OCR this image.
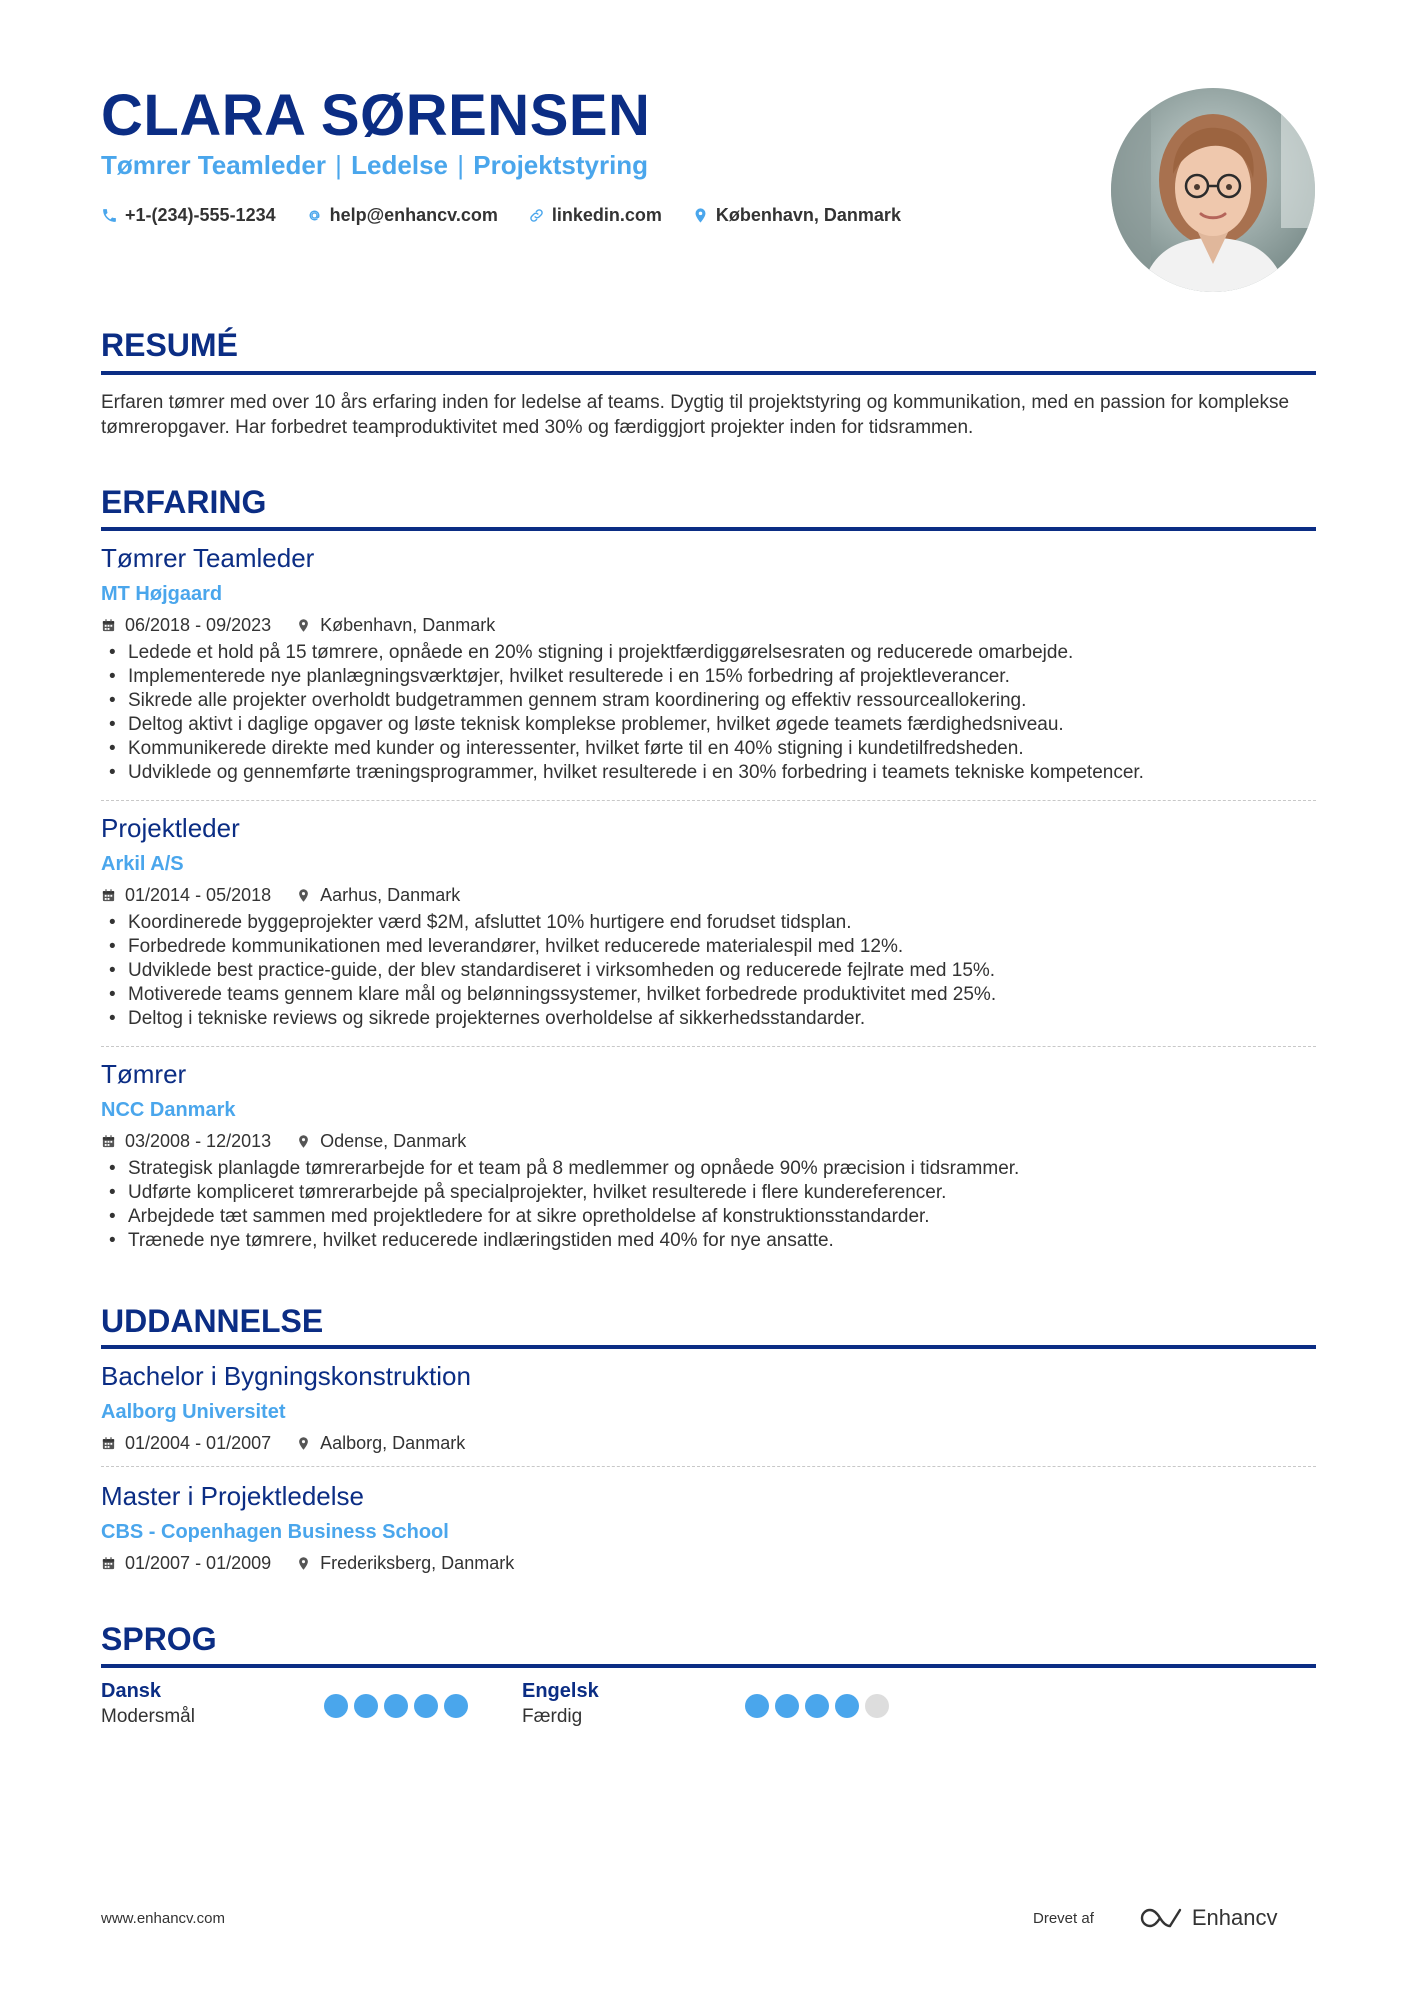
CLARA SØRENSEN
Tømrer Teamleder | Ledelse | Projektstyring
+1-(234)-555-1234	help@enhancv.com	linkedin.com	København, Danmark
RESUMÉ
Erfaren tømrer med over 10 års erfaring inden for ledelse af teams. Dygtig til projektstyring og kommunikation, med en passion for komplekse tømreropgaver. Har forbedret teamproduktivitet med 30% og færdiggjort projekter inden for tidsrammen.
ERFARING
Tømrer Teamleder
MT Højgaard
06/2018 - 09/2023	København, Danmark
• Ledede et hold på 15 tømrere, opnåede en 20% stigning i projektfærdiggørelsesraten og reducerede omarbejde.
• Implementerede nye planlægningsværktøjer, hvilket resulterede i en 15% forbedring af projektleverancer.
• Sikrede alle projekter overholdt budgetrammen gennem stram koordinering og effektiv ressourceallokering.
• Deltog aktivt i daglige opgaver og løste teknisk komplekse problemer, hvilket øgede teamets færdighedsniveau.
• Kommunikerede direkte med kunder og interessenter, hvilket førte til en 40% stigning i kundetilfredsheden.
• Udviklede og gennemførte træningsprogrammer, hvilket resulterede i en 30% forbedring i teamets tekniske kompetencer.
Projektleder
Arkil A/S
01/2014 - 05/2018	Aarhus, Danmark
• Koordinerede byggeprojekter værd $2M, afsluttet 10% hurtigere end forudset tidsplan.
• Forbedrede kommunikationen med leverandører, hvilket reducerede materialespil med 12%.
• Udviklede best practice-guide, der blev standardiseret i virksomheden og reducerede fejlrate med 15%.
• Motiverede teams gennem klare mål og belønningssystemer, hvilket forbedrede produktivitet med 25%.
• Deltog i tekniske reviews og sikrede projekternes overholdelse af sikkerhedsstandarder.
Tømrer
NCC Danmark
03/2008 - 12/2013	Odense, Danmark
• Strategisk planlagde tømrerarbejde for et team på 8 medlemmer og opnåede 90% præcision i tidsrammer.
• Udførte kompliceret tømrerarbejde på specialprojekter, hvilket resulterede i flere kundereferencer.
• Arbejdede tæt sammen med projektledere for at sikre opretholdelse af konstruktionsstandarder.
• Trænede nye tømrere, hvilket reducerede indlæringstiden med 40% for nye ansatte.
UDDANNELSE
Bachelor i Bygningskonstruktion
Aalborg Universitet
01/2004 - 01/2007	Aalborg, Danmark
Master i Projektledelse
CBS - Copenhagen Business School
01/2007 - 01/2009	Frederiksberg, Danmark
SPROG
Dansk
Modersmål
Engelsk
Færdig
www.enhancv.com	Drevet af	Enhancv
